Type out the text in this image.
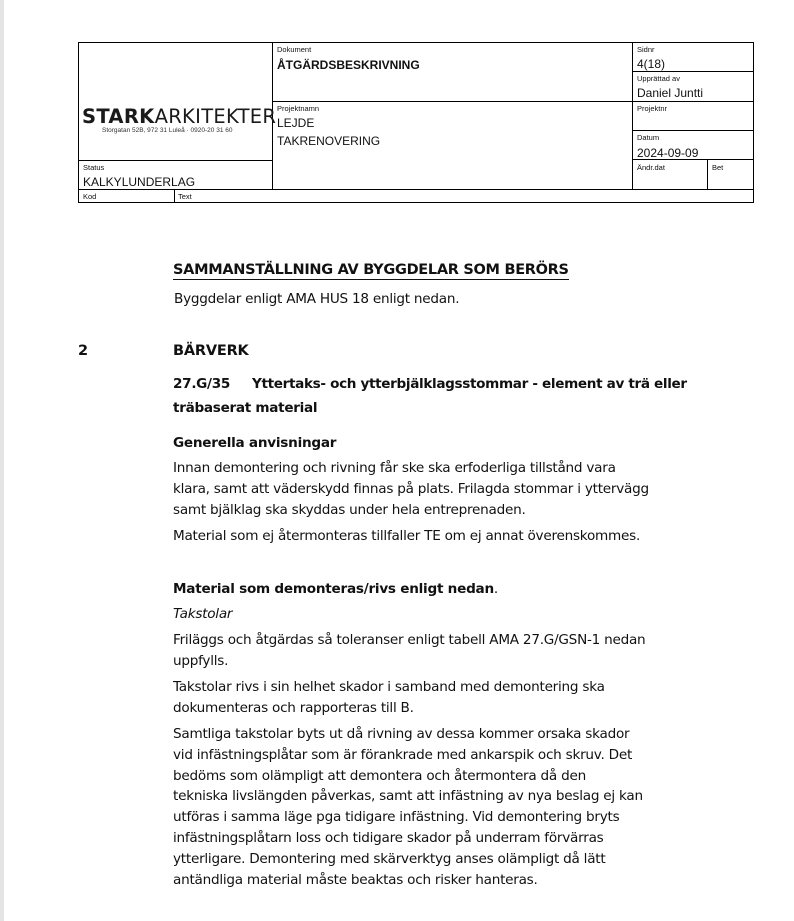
STARKARKITEKTER
Storgatan 52B, 972 31 Luleå · 0920-20 31 60
Dokument
ÅTGÄRDSBESKRIVNING
Projektnamn
LEJDE
TAKRENOVERING
Status
KALKYLUNDERLAG
Sidnr
4(18)
Upprättad av
Daniel Juntti
Projektnr
Datum
2024-09-09
Ändr.dat	Bet
Kod	Text
SAMMANSTÄLLNING AV BYGGDELAR SOM BERÖRS
Byggdelar enligt AMA HUS 18 enligt nedan.
2	BÄRVERK
27.G/35 Yttertaks- och ytterbjälklagsstommar - element av trä eller
träbaserat material
Generella anvisningar
Innan demontering och rivning får ske ska erfoderliga tillstånd vara
klara, samt att väderskydd finnas på plats. Frilagda stommar i yttervägg
samt bjälklag ska skyddas under hela entreprenaden.
Material som ej återmonteras tillfaller TE om ej annat överenskommes.
Material som demonteras/rivs enligt nedan.
Takstolar
Friläggs och åtgärdas så toleranser enligt tabell AMA 27.G/GSN-1 nedan
uppfylls.
Takstolar rivs i sin helhet skador i samband med demontering ska
dokumenteras och rapporteras till B.
Samtliga takstolar byts ut då rivning av dessa kommer orsaka skador
vid infästningsplåtar som är förankrade med ankarspik och skruv. Det
bedöms som olämpligt att demontera och återmontera då den
tekniska livslängden påverkas, samt att infästning av nya beslag ej kan
utföras i samma läge pga tidigare infästning. Vid demontering bryts
infästningsplåtarn loss och tidigare skador på underram förvärras
ytterligare. Demontering med skärverktyg anses olämpligt då lätt
antändliga material måste beaktas och risker hanteras.
